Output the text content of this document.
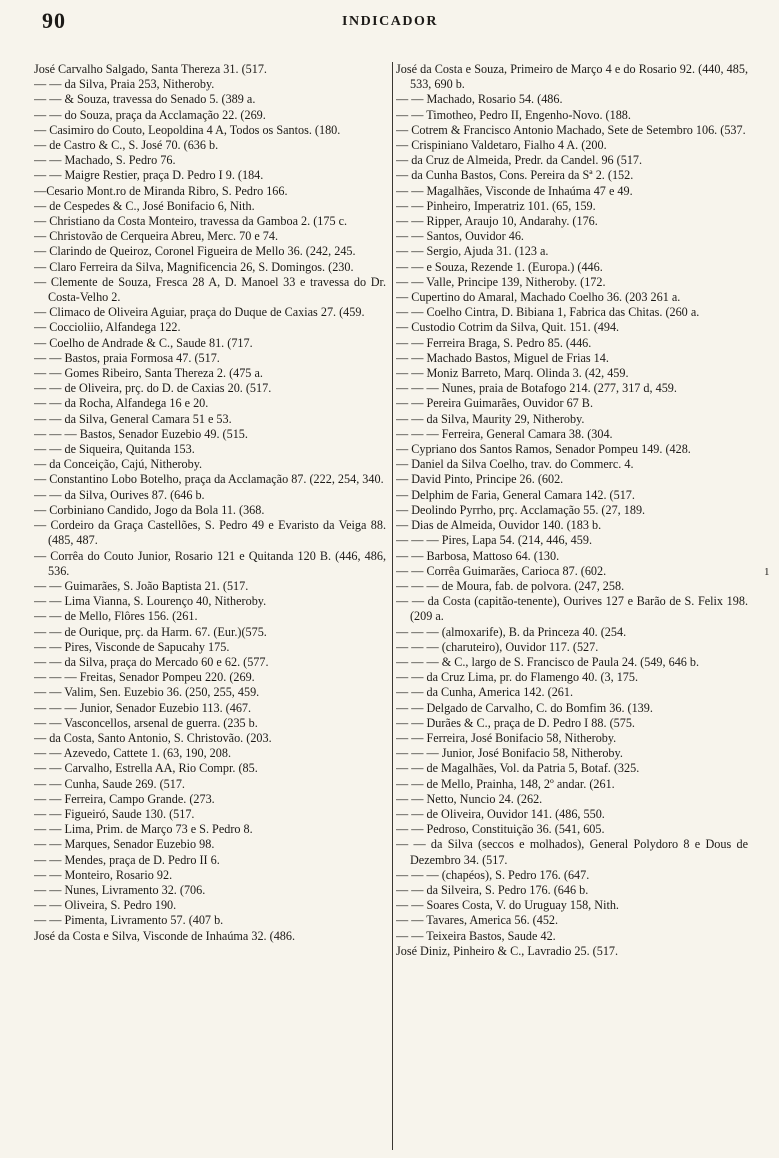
90	INDICADOR

José Carvalho Salgado, Santa Thereza 31. (517.

— — da Silva, Praia 253, Nitheroby.

— — & Souza, travessa do Senado 5. (389 a.

— — do Souza, praça da Acclamação 22. (269.

— Casimiro do Couto, Leopoldina 4 A, Todos os Santos. (180.

— de Castro & C., S. José 70. (636 b.

— — Machado, S. Pedro 76.

— — Maigre Restier, praça D. Pedro I 9. (184.

—Cesario Mont.ro de Miranda Ribro, S. Pedro 166.

— de Cespedes & C., José Bonifacio 6, Nith.

— Christiano da Costa Monteiro, travessa da Gamboa 2. (175 c.

— Christovão de Cerqueira Abreu, Merc. 70 e 74.

— Clarindo de Queiroz, Coronel Figueira de Mello 36. (242, 245.

— Claro Ferreira da Silva, Magnificencia 26, S. Domingos. (230.

— Clemente de Souza, Fresca 28 A, D. Manoel 33 e travessa do Dr. Costa-Velho 2.

— Climaco de Oliveira Aguiar, praça do Duque de Caxias 27. (459.

— Coccioliio, Alfandega 122.

— Coelho de Andrade & C., Saude 81. (717.

— — Bastos, praia Formosa 47. (517.

— — Gomes Ribeiro, Santa Thereza 2. (475 a.

— — de Oliveira, prç. do D. de Caxias 20. (517.

— — da Rocha, Alfandega 16 e 20.

— — da Silva, General Camara 51 e 53.

— — — Bastos, Senador Euzebio 49. (515.

— — de Siqueira, Quitanda 153.

— da Conceição, Cajú, Nitheroby.

— Constantino Lobo Botelho, praça da Acclamação 87. (222, 254, 340.

— — da Silva, Ourives 87. (646 b.

— Corbiniano Candido, Jogo da Bola 11. (368.

— Cordeiro da Graça Castellões, S. Pedro 49 e Evaristo da Veiga 88. (485, 487.

— Corrêa do Couto Junior, Rosario 121 e Quitanda 120 B. (446, 486, 536.

— — Guimarães, S. João Baptista 21. (517.

— — Lima Vianna, S. Lourenço 40, Nitheroby.

— — de Mello, Flôres 156. (261.

— — de Ourique, prç. da Harm. 67. (Eur.)(575.

— — Pires, Visconde de Sapucahy 175.

— — da Silva, praça do Mercado 60 e 62. (577.

— — — Freitas, Senador Pompeu 220. (269.

— — Valim, Sen. Euzebio 36. (250, 255, 459.

— — — Junior, Senador Euzebio 113. (467.

— — Vasconcellos, arsenal de guerra. (235 b.

— da Costa, Santo Antonio, S. Christovão. (203.

— — Azevedo, Cattete 1. (63, 190, 208.

— — Carvalho, Estrella AA, Rio Compr. (85.

— — Cunha, Saude 269. (517.

— — Ferreira, Campo Grande. (273.

— — Figueiró, Saude 130. (517.

— — Lima, Prim. de Março 73 e S. Pedro 8.

— — Marques, Senador Euzebio 98.

— — Mendes, praça de D. Pedro II 6.

— — Monteiro, Rosario 92.

— — Nunes, Livramento 32. (706.

— — Oliveira, S. Pedro 190.

— — Pimenta, Livramento 57. (407 b.

José da Costa e Silva, Visconde de Inhaúma 32. (486.

José da Costa e Souza, Primeiro de Março 4 e do Rosario 92. (440, 485, 533, 690 b.

— — Machado, Rosario 54. (486.

— — Timotheo, Pedro II, Engenho-Novo. (188.

— Cotrem & Francisco Antonio Machado, Sete de Setembro 106. (537.

— Crispiniano Valdetaro, Fialho 4 A. (200.

— da Cruz de Almeida, Predr. da Candel. 96 (517.

— da Cunha Bastos, Cons. Pereira da Sª 2. (152.

— — Magalhães, Visconde de Inhaúma 47 e 49.

— — Pinheiro, Imperatriz 101. (65, 159.

— — Ripper, Araujo 10, Andarahy. (176.

— — Santos, Ouvidor 46.

— — Sergio, Ajuda 31. (123 a.

— — e Souza, Rezende 1. (Europa.) (446.

— — Valle, Principe 139, Nitheroby. (172.

— Cupertino do Amaral, Machado Coelho 36. (203 261 a.

— — Coelho Cintra, D. Bibiana 1, Fabrica das Chitas. (260 a.

— Custodio Cotrim da Silva, Quit. 151. (494.

— — Ferreira Braga, S. Pedro 85. (446.

— — Machado Bastos, Miguel de Frias 14.

— — Moniz Barreto, Marq. Olinda 3. (42, 459.

— — — Nunes, praia de Botafogo 214. (277, 317 d, 459.

— — Pereira Guimarães, Ouvidor 67 B.

— — da Silva, Maurity 29, Nitheroby.

— — — Ferreira, General Camara 38. (304.

— Cypriano dos Santos Ramos, Senador Pompeu 149. (428.

— Daniel da Silva Coelho, trav. do Commerc. 4.

— David Pinto, Principe 26. (602.

— Delphim de Faria, General Camara 142. (517.

— Deolindo Pyrrho, prç. Acclamação 55. (27, 189.

— Dias de Almeida, Ouvidor 140. (183 b.

— — — Pires, Lapa 54. (214, 446, 459.

— — Barbosa, Mattoso 64. (130.

— — Corrêa Guimarães, Carioca 87. (602.

— — — de Moura, fab. de polvora. (247, 258.

— — da Costa (capitão-tenente), Ourives 127 e Barão de S. Felix 198. (209 a.

— — — (almoxarife), B. da Princeza 40. (254.

— — — (charuteiro), Ouvidor 117. (527.

— — — & C., largo de S. Francisco de Paula 24. (549, 646 b.

— — da Cruz Lima, pr. do Flamengo 40. (3, 175.

— — da Cunha, America 142. (261.

— — Delgado de Carvalho, C. do Bomfim 36. (139.

— — Durães & C., praça de D. Pedro I 88. (575.

— — Ferreira, José Bonifacio 58, Nitheroby.

— — — Junior, José Bonifacio 58, Nitheroby.

— — de Magalhães, Vol. da Patria 5, Botaf. (325.

— — de Mello, Prainha, 148, 2º andar. (261.

— — Netto, Nuncio 24. (262.

— — de Oliveira, Ouvidor 141. (486, 550.

— — Pedroso, Constituição 36. (541, 605.

— — da Silva (seccos e molhados), General Polydoro 8 e Dous de Dezembro 34. (517.

— — — (chapéos), S. Pedro 176. (647.

— — da Silveira, S. Pedro 176. (646 b.

— — Soares Costa, V. do Uruguay 158, Nith.

— — Tavares, America 56. (452.

— — Teixeira Bastos, Saude 42.

José Diniz, Pinheiro & C., Lavradio 25. (517.

1
